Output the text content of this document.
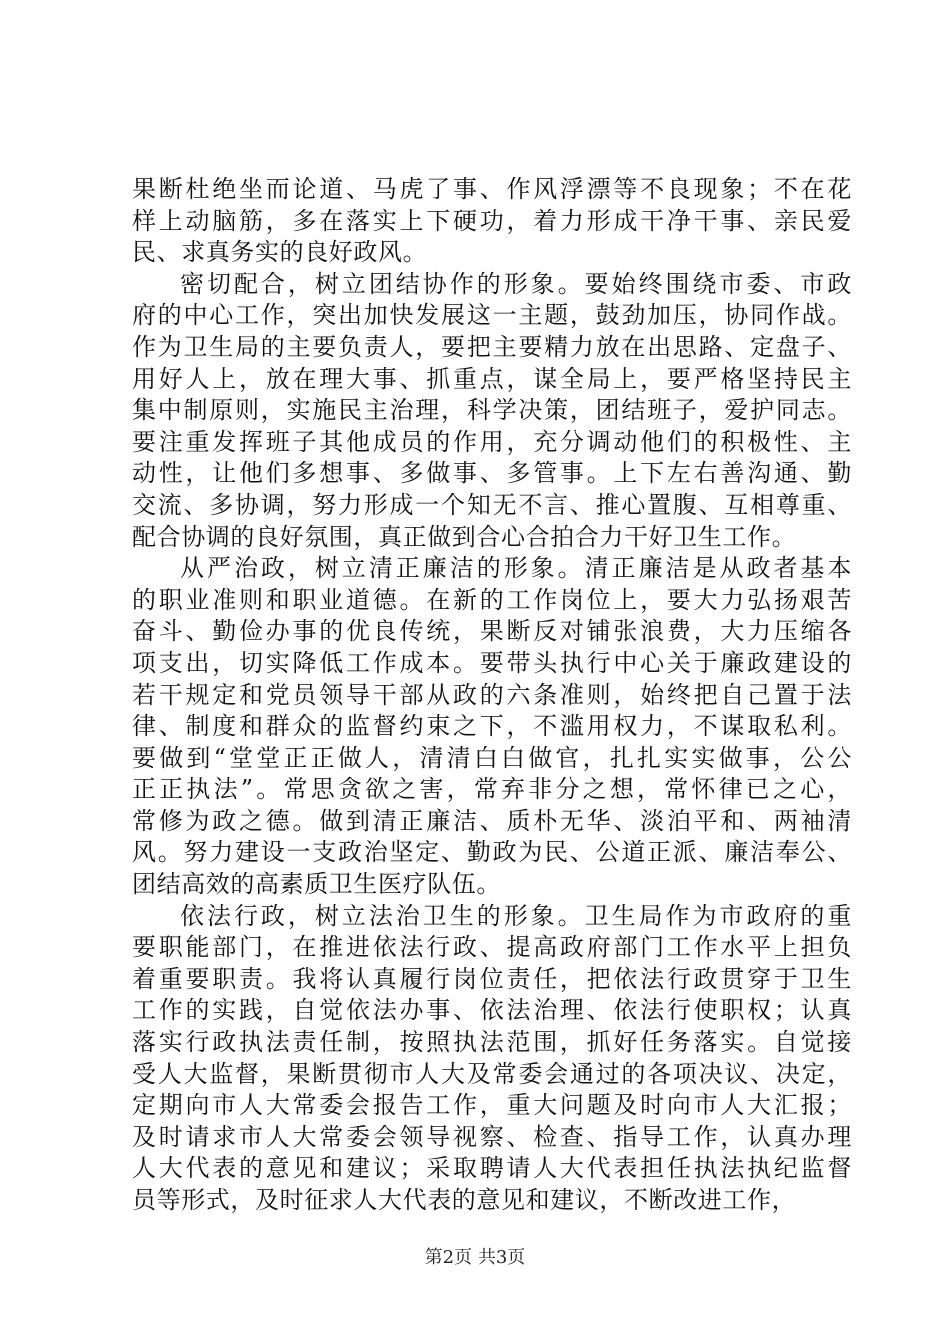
果断杜绝坐而论道、马虎了事、作风浮漂等不良现象；不在花
样上动脑筋，多在落实上下硬功，着力形成干净干事、亲民爱
民、求真务实的良好政风。
密切配合，树立团结协作的形象。要始终围绕市委、市政
府的中心工作，突出加快发展这一主题，鼓劲加压，协同作战。
作为卫生局的主要负责人，要把主要精力放在出思路、定盘子、
用好人上，放在理大事、抓重点，谋全局上，要严格坚持民主
集中制原则，实施民主治理，科学决策，团结班子，爱护同志。
要注重发挥班子其他成员的作用，充分调动他们的积极性、主
动性，让他们多想事、多做事、多管事。上下左右善沟通、勤
交流、多协调，努力形成一个知无不言、推心置腹、互相尊重、
配合协调的良好氛围，真正做到合心合拍合力干好卫生工作。
从严治政，树立清正廉洁的形象。清正廉洁是从政者基本
的职业准则和职业道德。在新的工作岗位上，要大力弘扬艰苦
奋斗、勤俭办事的优良传统，果断反对铺张浪费，大力压缩各
项支出，切实降低工作成本。要带头执行中心关于廉政建设的
若干规定和党员领导干部从政的六条准则，始终把自己置于法
律、制度和群众的监督约束之下，不滥用权力，不谋取私利。
要做到“堂堂正正做人，清清白白做官，扎扎实实做事，公公
正正执法”。常思贪欲之害，常弃非分之想，常怀律已之心，
常修为政之德。做到清正廉洁、质朴无华、淡泊平和、两袖清
风。努力建设一支政治坚定、勤政为民、公道正派、廉洁奉公、
团结高效的高素质卫生医疗队伍。
依法行政，树立法治卫生的形象。卫生局作为市政府的重
要职能部门，在推进依法行政、提高政府部门工作水平上担负
着重要职责。我将认真履行岗位责任，把依法行政贯穿于卫生
工作的实践，自觉依法办事、依法治理、依法行使职权；认真
落实行政执法责任制，按照执法范围，抓好任务落实。自觉接
受人大监督，果断贯彻市人大及常委会通过的各项决议、决定，
定期向市人大常委会报告工作，重大问题及时向市人大汇报；
及时请求市人大常委会领导视察、检查、指导工作，认真办理
人大代表的意见和建议；采取聘请人大代表担任执法执纪监督
员等形式，及时征求人大代表的意见和建议，不断改进工作，
第2页 共3页
